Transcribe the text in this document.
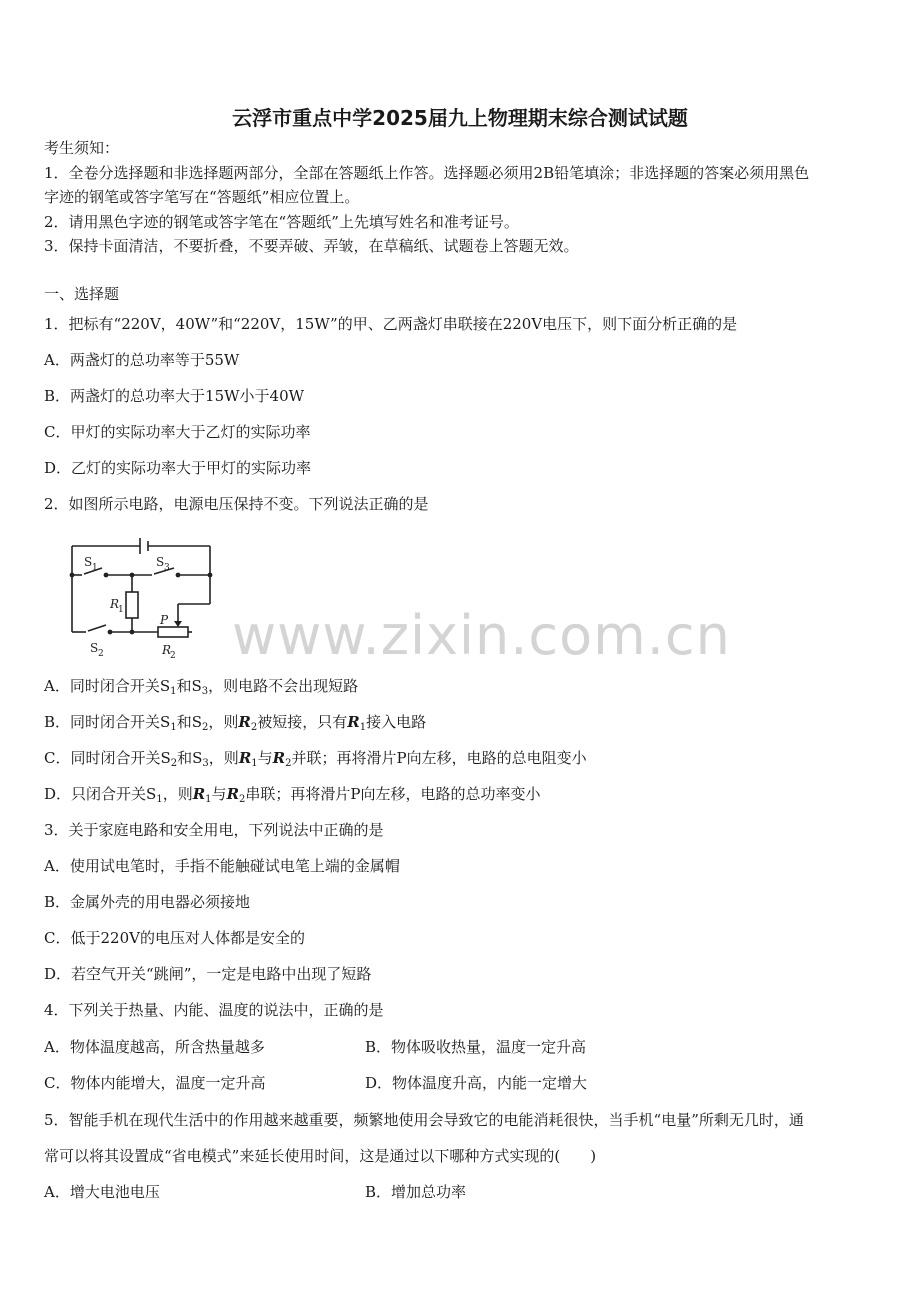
云浮市重点中学2025届九上物理期末综合测试试题
考生须知：
1．全卷分选择题和非选择题两部分，全部在答题纸上作答。选择题必须用2B铅笔填涂；非选择题的答案必须用黑色
字迹的钢笔或答字笔写在“答题纸”相应位置上。
2．请用黑色字迹的钢笔或答字笔在“答题纸”上先填写姓名和准考证号。
3．保持卡面清洁，不要折叠，不要弄破、弄皱，在草稿纸、试题卷上答题无效。
一、选择题
1．把标有“220V，40W”和“220V，15W”的甲、乙两盏灯串联接在220V电压下，则下面分析正确的是
A．两盏灯的总功率等于55W
B．两盏灯的总功率大于15W小于40W
C．甲灯的实际功率大于乙灯的实际功率
D．乙灯的实际功率大于甲灯的实际功率
2．如图所示电路，电源电压保持不变。下列说法正确的是
S 1	S 3
S 2
R
1
R
2
P www.zixin.com.cn
A．同时闭合开关$S_1$和$S_3$，则电路不会出现短路
B．同时闭合开关$S_1$和$S_2$，则$R_2$被短接，只有$R_1$接入电路
C．同时闭合开关$S_2$和$S_3$，则$R_1$与$R_2$并联；再将滑片P向左移，电路的总电阻变小
D．只闭合开关$S_1$，则$R_1$与$R_2$串联；再将滑片P向左移，电路的总功率变小
3．关于家庭电路和安全用电，下列说法中正确的是
A．使用试电笔时，手指不能触碰试电笔上端的金属帽
B．金属外壳的用电器必须接地
C．低于220V的电压对人体都是安全的
D．若空气开关“跳闸”，一定是电路中出现了短路
4．下列关于热量、内能、温度的说法中，正确的是
A．物体温度越高，所含热量越多	B．物体吸收热量，温度一定升高
C．物体内能增大，温度一定升高	D．物体温度升高，内能一定增大
5．智能手机在现代生活中的作用越来越重要，频繁地使用会导致它的电能消耗很快，当手机“电量”所剩无几时，通
常可以将其设置成“省电模式”来延长使用时间，这是通过以下哪种方式实现的(　　)
A．增大电池电压	B．增加总功率
